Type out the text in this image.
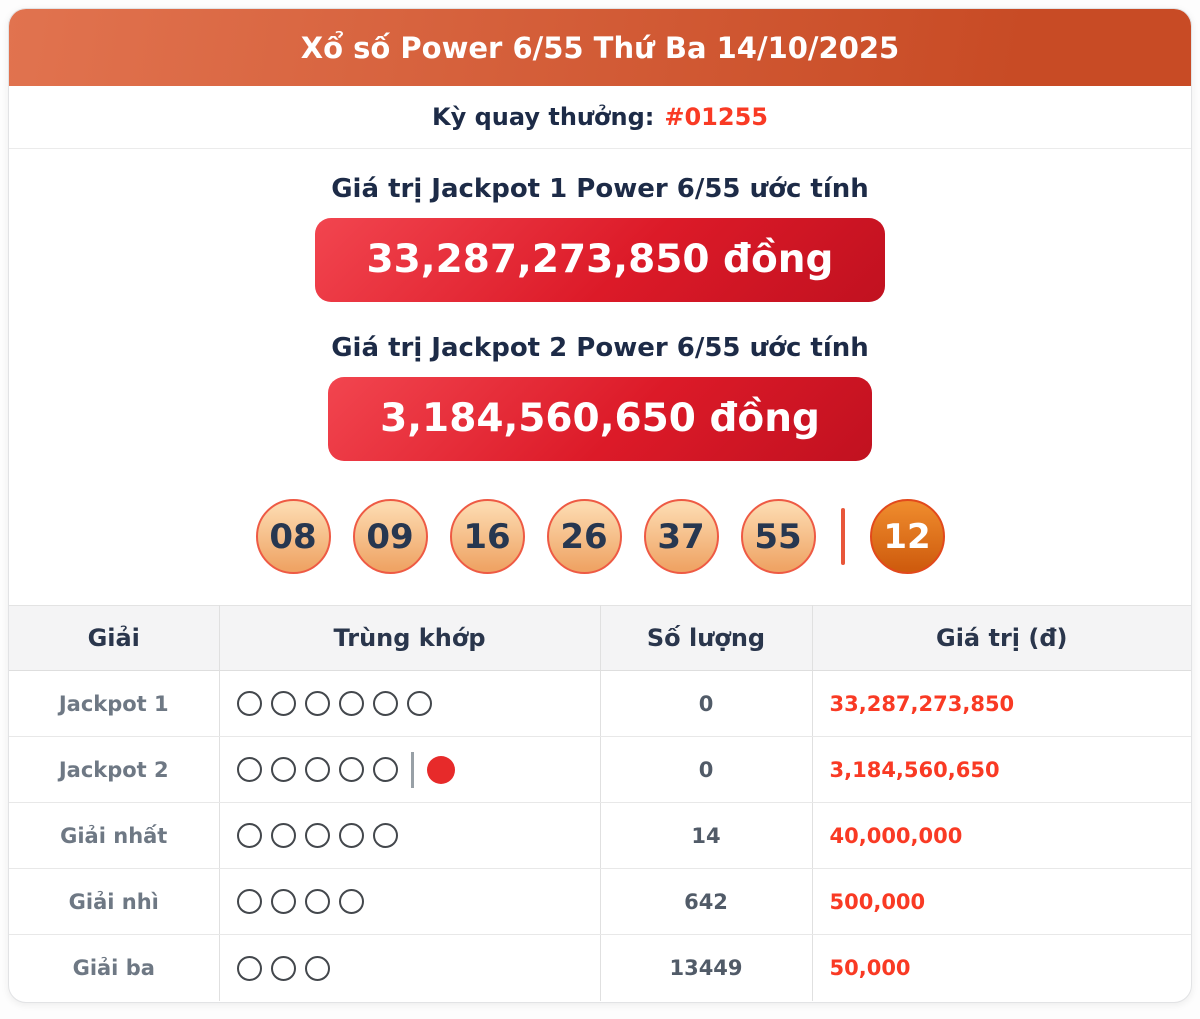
Xổ số Power 6/55 Thứ Ba 14/10/2025
Kỳ quay thưởng: #01255
Giá trị Jackpot 1 Power 6/55 ước tính
33,287,273,850 đồng
Giá trị Jackpot 2 Power 6/55 ước tính
3,184,560,650 đồng
08	09	16	26	37	55	12
Giải	Trùng khớp	Số lượng	Giá trị (đ)
Jackpot 1		0	33,287,273,850
Jackpot 2		0	3,184,560,650
Giải nhất		14	40,000,000
Giải nhì		642	500,000
Giải ba		13449	50,000
